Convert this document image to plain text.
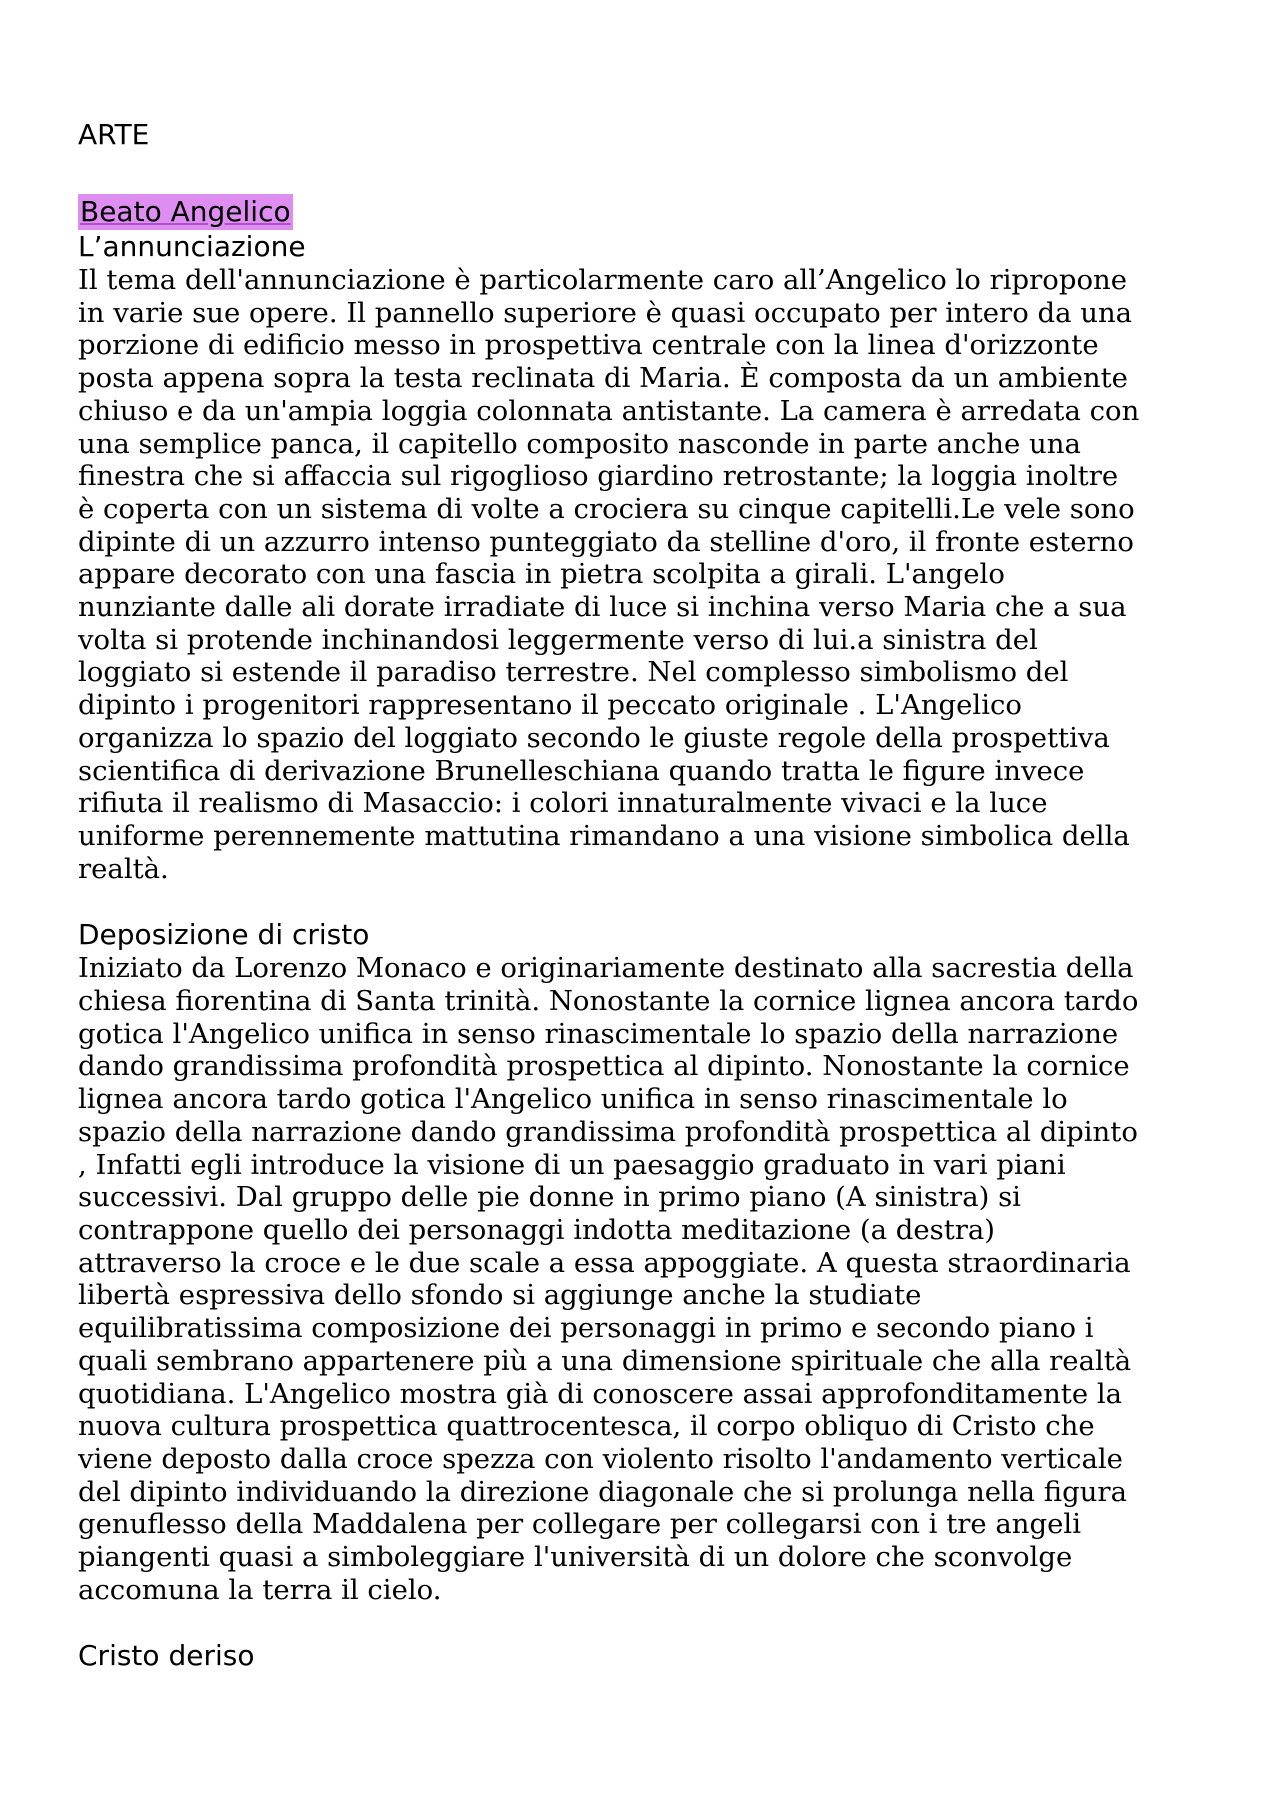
ARTE
Beato Angelico
L’annunciazione
Il tema dell'annunciazione è particolarmente caro all’Angelico lo ripropone
in varie sue opere. Il pannello superiore è quasi occupato per intero da una
porzione di edificio messo in prospettiva centrale con la linea d'orizzonte
posta appena sopra la testa reclinata di Maria. È composta da un ambiente
chiuso e da un'ampia loggia colonnata antistante. La camera è arredata con
una semplice panca, il capitello composito nasconde in parte anche una
finestra che si affaccia sul rigoglioso giardino retrostante; la loggia inoltre
è coperta con un sistema di volte a crociera su cinque capitelli.Le vele sono
dipinte di un azzurro intenso punteggiato da stelline d'oro, il fronte esterno
appare decorato con una fascia in pietra scolpita a girali. L'angelo
nunziante dalle ali dorate irradiate di luce si inchina verso Maria che a sua
volta si protende inchinandosi leggermente verso di lui.a sinistra del
loggiato si estende il paradiso terrestre. Nel complesso simbolismo del
dipinto i progenitori rappresentano il peccato originale . L'Angelico
organizza lo spazio del loggiato secondo le giuste regole della prospettiva
scientifica di derivazione Brunelleschiana quando tratta le figure invece
rifiuta il realismo di Masaccio: i colori innaturalmente vivaci e la luce
uniforme perennemente mattutina rimandano a una visione simbolica della
realtà.
Deposizione di cristo
Iniziato da Lorenzo Monaco e originariamente destinato alla sacrestia della
chiesa fiorentina di Santa trinità. Nonostante la cornice lignea ancora tardo
gotica l'Angelico unifica in senso rinascimentale lo spazio della narrazione
dando grandissima profondità prospettica al dipinto. Nonostante la cornice
lignea ancora tardo gotica l'Angelico unifica in senso rinascimentale lo
spazio della narrazione dando grandissima profondità prospettica al dipinto
, Infatti egli introduce la visione di un paesaggio graduato in vari piani
successivi. Dal gruppo delle pie donne in primo piano (A sinistra) si
contrappone quello dei personaggi indotta meditazione (a destra)
attraverso la croce e le due scale a essa appoggiate. A questa straordinaria
libertà espressiva dello sfondo si aggiunge anche la studiate
equilibratissima composizione dei personaggi in primo e secondo piano i
quali sembrano appartenere più a una dimensione spirituale che alla realtà
quotidiana. L'Angelico mostra già di conoscere assai approfonditamente la
nuova cultura prospettica quattrocentesca, il corpo obliquo di Cristo che
viene deposto dalla croce spezza con violento risolto l'andamento verticale
del dipinto individuando la direzione diagonale che si prolunga nella figura
genuflesso della Maddalena per collegare per collegarsi con i tre angeli
piangenti quasi a simboleggiare l'università di un dolore che sconvolge
accomuna la terra il cielo.
Cristo deriso
